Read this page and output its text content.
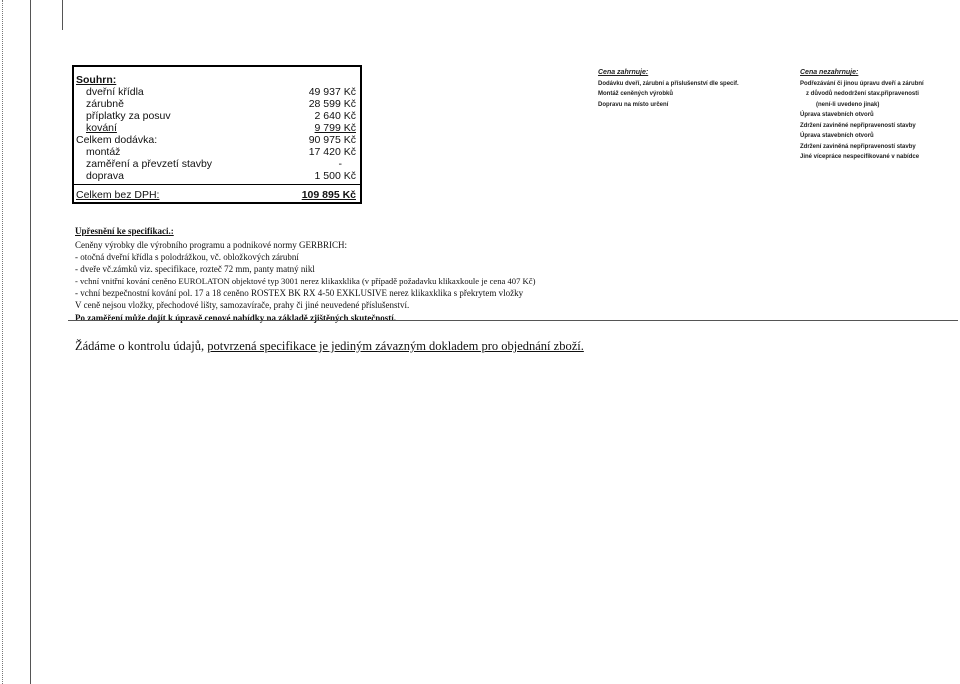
Souhrn:
dveřní křídla	49 937 Kč
zárubně	28 599 Kč
příplatky za posuv	2 640 Kč
kování	9 799 Kč
Celkem dodávka:	90 975 Kč
montáž	17 420 Kč
zaměření a převzetí stavby	-
doprava	1 500 Kč
Celkem bez DPH:	109 895 Kč
Cena zahrnuje:
Dodávku dveří, zárubní a příslušenství dle specif.
Montáž ceněných výrobků
Dopravu na místo určení
Cena nezahrnuje:
Podřezávání či jinou úpravu dveří a zárubní
z důvodů nedodržení stav.připravenosti
(není-li uvedeno jinak)
Úprava stavebních otvorů
Zdržení zaviněné nepřipraveností stavby
Úprava stavebních otvorů
Zdržení zaviněná nepřipraveností stavby
Jiné vícepráce nespecifikované v nabídce
Upřesnění ke specifikaci.:
Ceněny výrobky dle výrobního programu a podnikové normy GERBRICH:
- otočná dveřní křídla s polodrážkou, vč. obložkových zárubní
- dveře vč.zámků viz. specifikace, rozteč 72 mm, panty matný nikl
- vchní vnitřní kování ceněno EUROLATON objektové typ 3001 nerez klikaxklika (v případě požadavku klikaxkoule je cena 407 Kč)
- vchní bezpečnostní kování pol. 17 a 18 ceněno ROSTEX BK RX 4-50 EXKLUSIVE nerez klikaxklika s překrytem vložky
V ceně nejsou vložky, přechodové lišty, samozavírače, prahy či jiné neuvedené příslušenství.
Po zaměření může dojít k úpravě cenové nabídky na základě zjištěných skutečností.
Žádáme o kontrolu údajů, potvrzená specifikace je jediným závazným dokladem pro objednání zboží.
